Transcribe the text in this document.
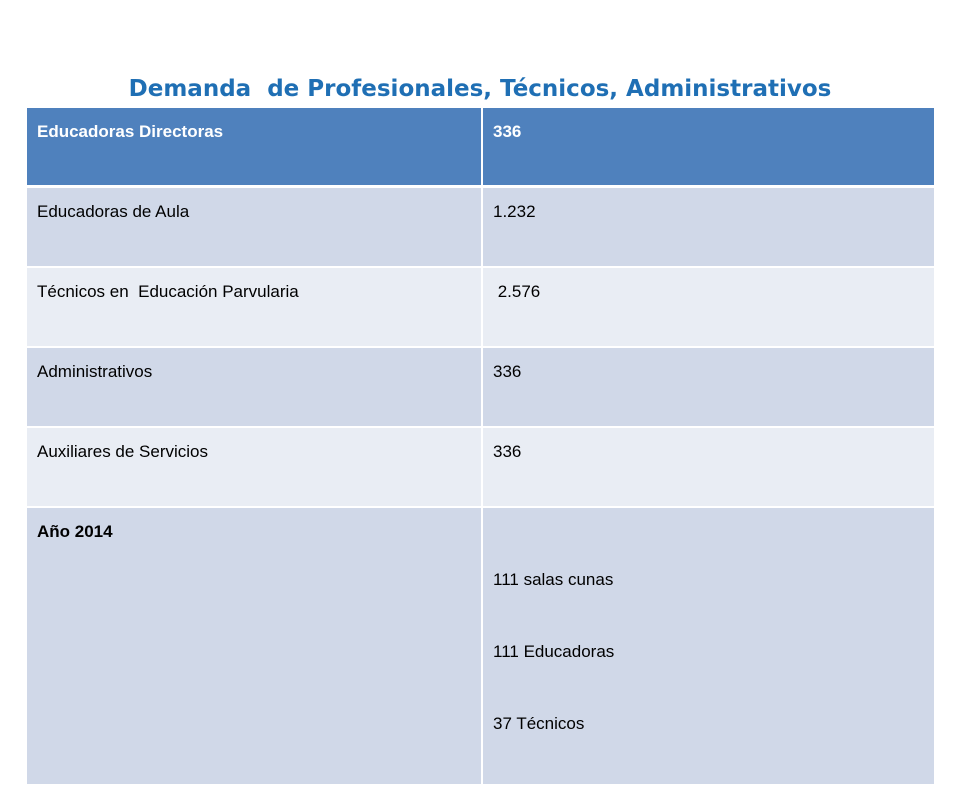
Demanda  de Profesionales, Técnicos, Administrativos

Educadoras Directoras	336
Educadoras de Aula	1.232
Técnicos en  Educación Parvularia	2.576
Administrativos	336
Auxiliares de Servicios	336
Año 2014	111 salas cunas

111 Educadoras

37 Técnicos
